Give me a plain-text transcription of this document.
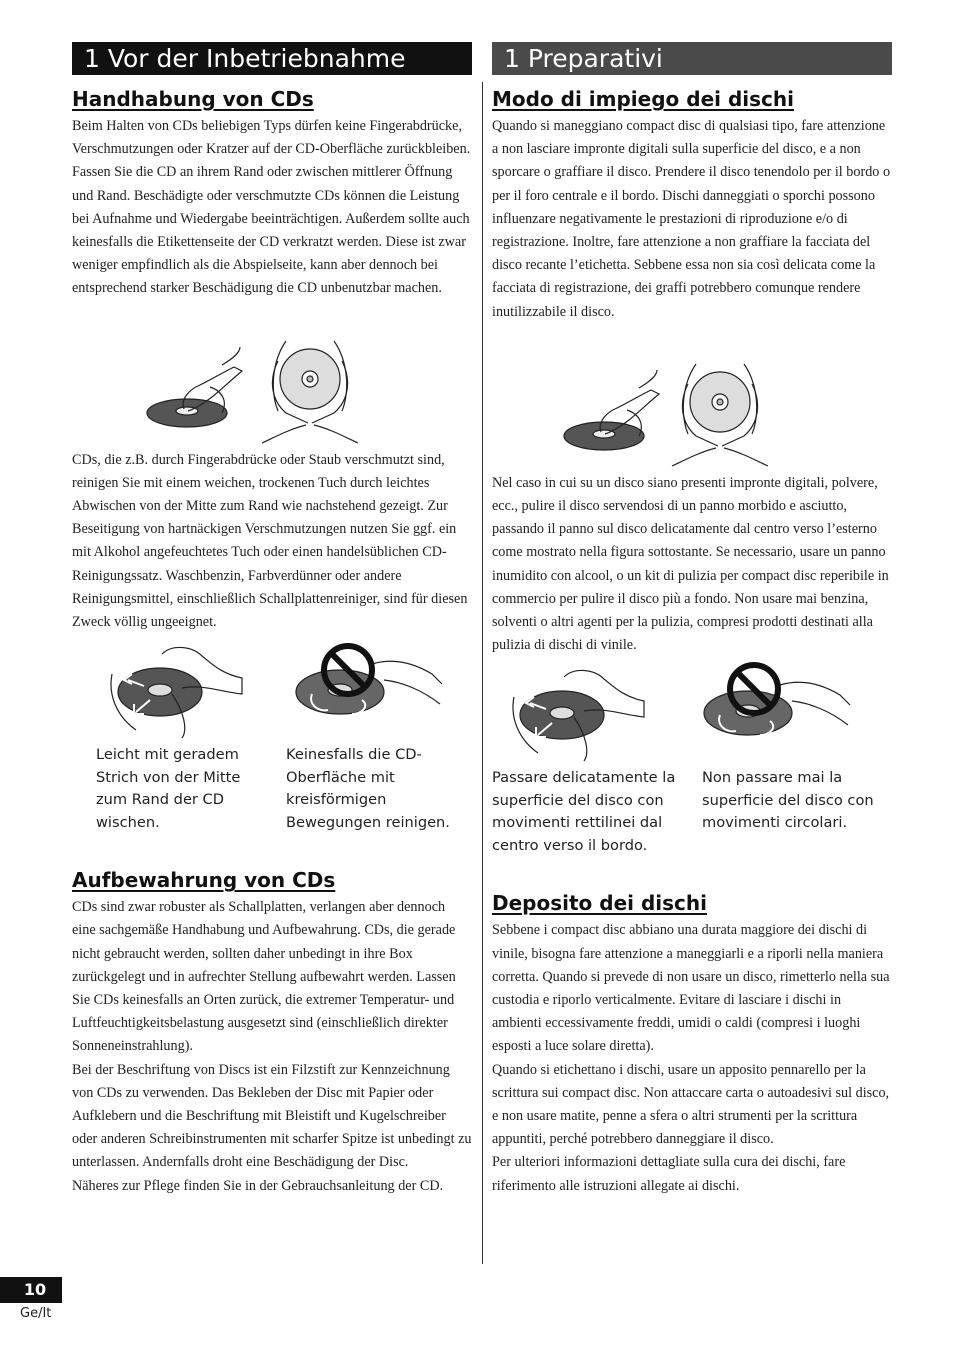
1 Vor der Inbetriebnahme
Handhabung von CDs
Beim Halten von CDs beliebigen Typs dürfen keine Fingerabdrücke, Verschmutzungen oder Kratzer auf der CD-Oberfläche zurückbleiben. Fassen Sie die CD an ihrem Rand oder zwischen mittlerer Öffnung und Rand. Beschädigte oder verschmutzte CDs können die Leistung bei Aufnahme und Wiedergabe beeinträchtigen. Außerdem sollte auch keinesfalls die Etikettenseite der CD verkratzt werden. Diese ist zwar weniger empfindlich als die Abspielseite, kann aber dennoch bei entsprechend starker Beschädigung die CD unbenutzbar machen.
CDs, die z.B. durch Fingerabdrücke oder Staub verschmutzt sind, reinigen Sie mit einem weichen, trockenen Tuch durch leichtes Abwischen von der Mitte zum Rand wie nachstehend gezeigt. Zur Beseitigung von hartnäckigen Verschmutzungen nutzen Sie ggf. ein mit Alkohol angefeuchtetes Tuch oder einen handelsüblichen CD-Reinigungssatz. Waschbenzin, Farbverdünner oder andere Reinigungsmittel, einschließlich Schallplattenreiniger, sind für diesen Zweck völlig ungeeignet.
Leicht mit geradem Strich von der Mitte zum Rand der CD wischen.
Keinesfalls die CD-Oberfläche mit kreisförmigen Bewegungen reinigen.
Aufbewahrung von CDs

CDs sind zwar robuster als Schallplatten, verlangen aber dennoch eine sachgemäße Handhabung und Aufbewahrung. CDs, die gerade nicht gebraucht werden, sollten daher unbedingt in ihre Box zurückgelegt und in aufrechter Stellung aufbewahrt werden. Lassen Sie CDs keinesfalls an Orten zurück, die extremer Temperatur- und Luftfeuchtigkeitsbelastung ausgesetzt sind (einschließlich direkter Sonneneinstrahlung).

Bei der Beschriftung von Discs ist ein Filzstift zur Kennzeichnung von CDs zu verwenden. Das Bekleben der Disc mit Papier oder Aufklebern und die Beschriftung mit Bleistift und Kugelschreiber oder anderen Schreibinstrumenten mit scharfer Spitze ist unbedingt zu unterlassen. Andernfalls droht eine Beschädigung der Disc.

Näheres zur Pflege finden Sie in der Gebrauchsanleitung der CD.

1 Preparativi
Modo di impiego dei dischi
Quando si maneggiano compact disc di qualsiasi tipo, fare attenzione a non lasciare impronte digitali sulla superficie del disco, e a non sporcare o graffiare il disco. Prendere il disco tenendolo per il bordo o per il foro centrale e il bordo. Dischi danneggiati o sporchi possono influenzare negativamente le prestazioni di riproduzione e/o di registrazione. Inoltre, fare attenzione a non graffiare la facciata del disco recante l’etichetta. Sebbene essa non sia così delicata come la facciata di registrazione, dei graffi potrebbero comunque rendere inutilizzabile il disco.
Nel caso in cui su un disco siano presenti impronte digitali, polvere, ecc., pulire il disco servendosi di un panno morbido e asciutto, passando il panno sul disco delicatamente dal centro verso l’esterno come mostrato nella figura sottostante. Se necessario, usare un panno inumidito con alcool, o un kit di pulizia per compact disc reperibile in commercio per pulire il disco più a fondo. Non usare mai benzina, solventi o altri agenti per la pulizia, compresi prodotti destinati alla pulizia di dischi di vinile.
Passare delicatamente la superficie del disco con movimenti rettilinei dal centro verso il bordo.
Non passare mai la superficie del disco con movimenti circolari.
Deposito dei dischi

Sebbene i compact disc abbiano una durata maggiore dei dischi di vinile, bisogna fare attenzione a maneggiarli e a riporli nella maniera corretta. Quando si prevede di non usare un disco, rimetterlo nella sua custodia e riporlo verticalmente. Evitare di lasciare i dischi in ambienti eccessivamente freddi, umidi o caldi (compresi i luoghi esposti a luce solare diretta).

Quando si etichettano i dischi, usare un apposito pennarello per la scrittura sui compact disc. Non attaccare carta o autoadesivi sul disco, e non usare matite, penne a sfera o altri strumenti per la scrittura appuntiti, perché potrebbero danneggiare il disco.

Per ulteriori informazioni dettagliate sulla cura dei dischi, fare riferimento alle istruzioni allegate ai dischi.

10
Ge/It
